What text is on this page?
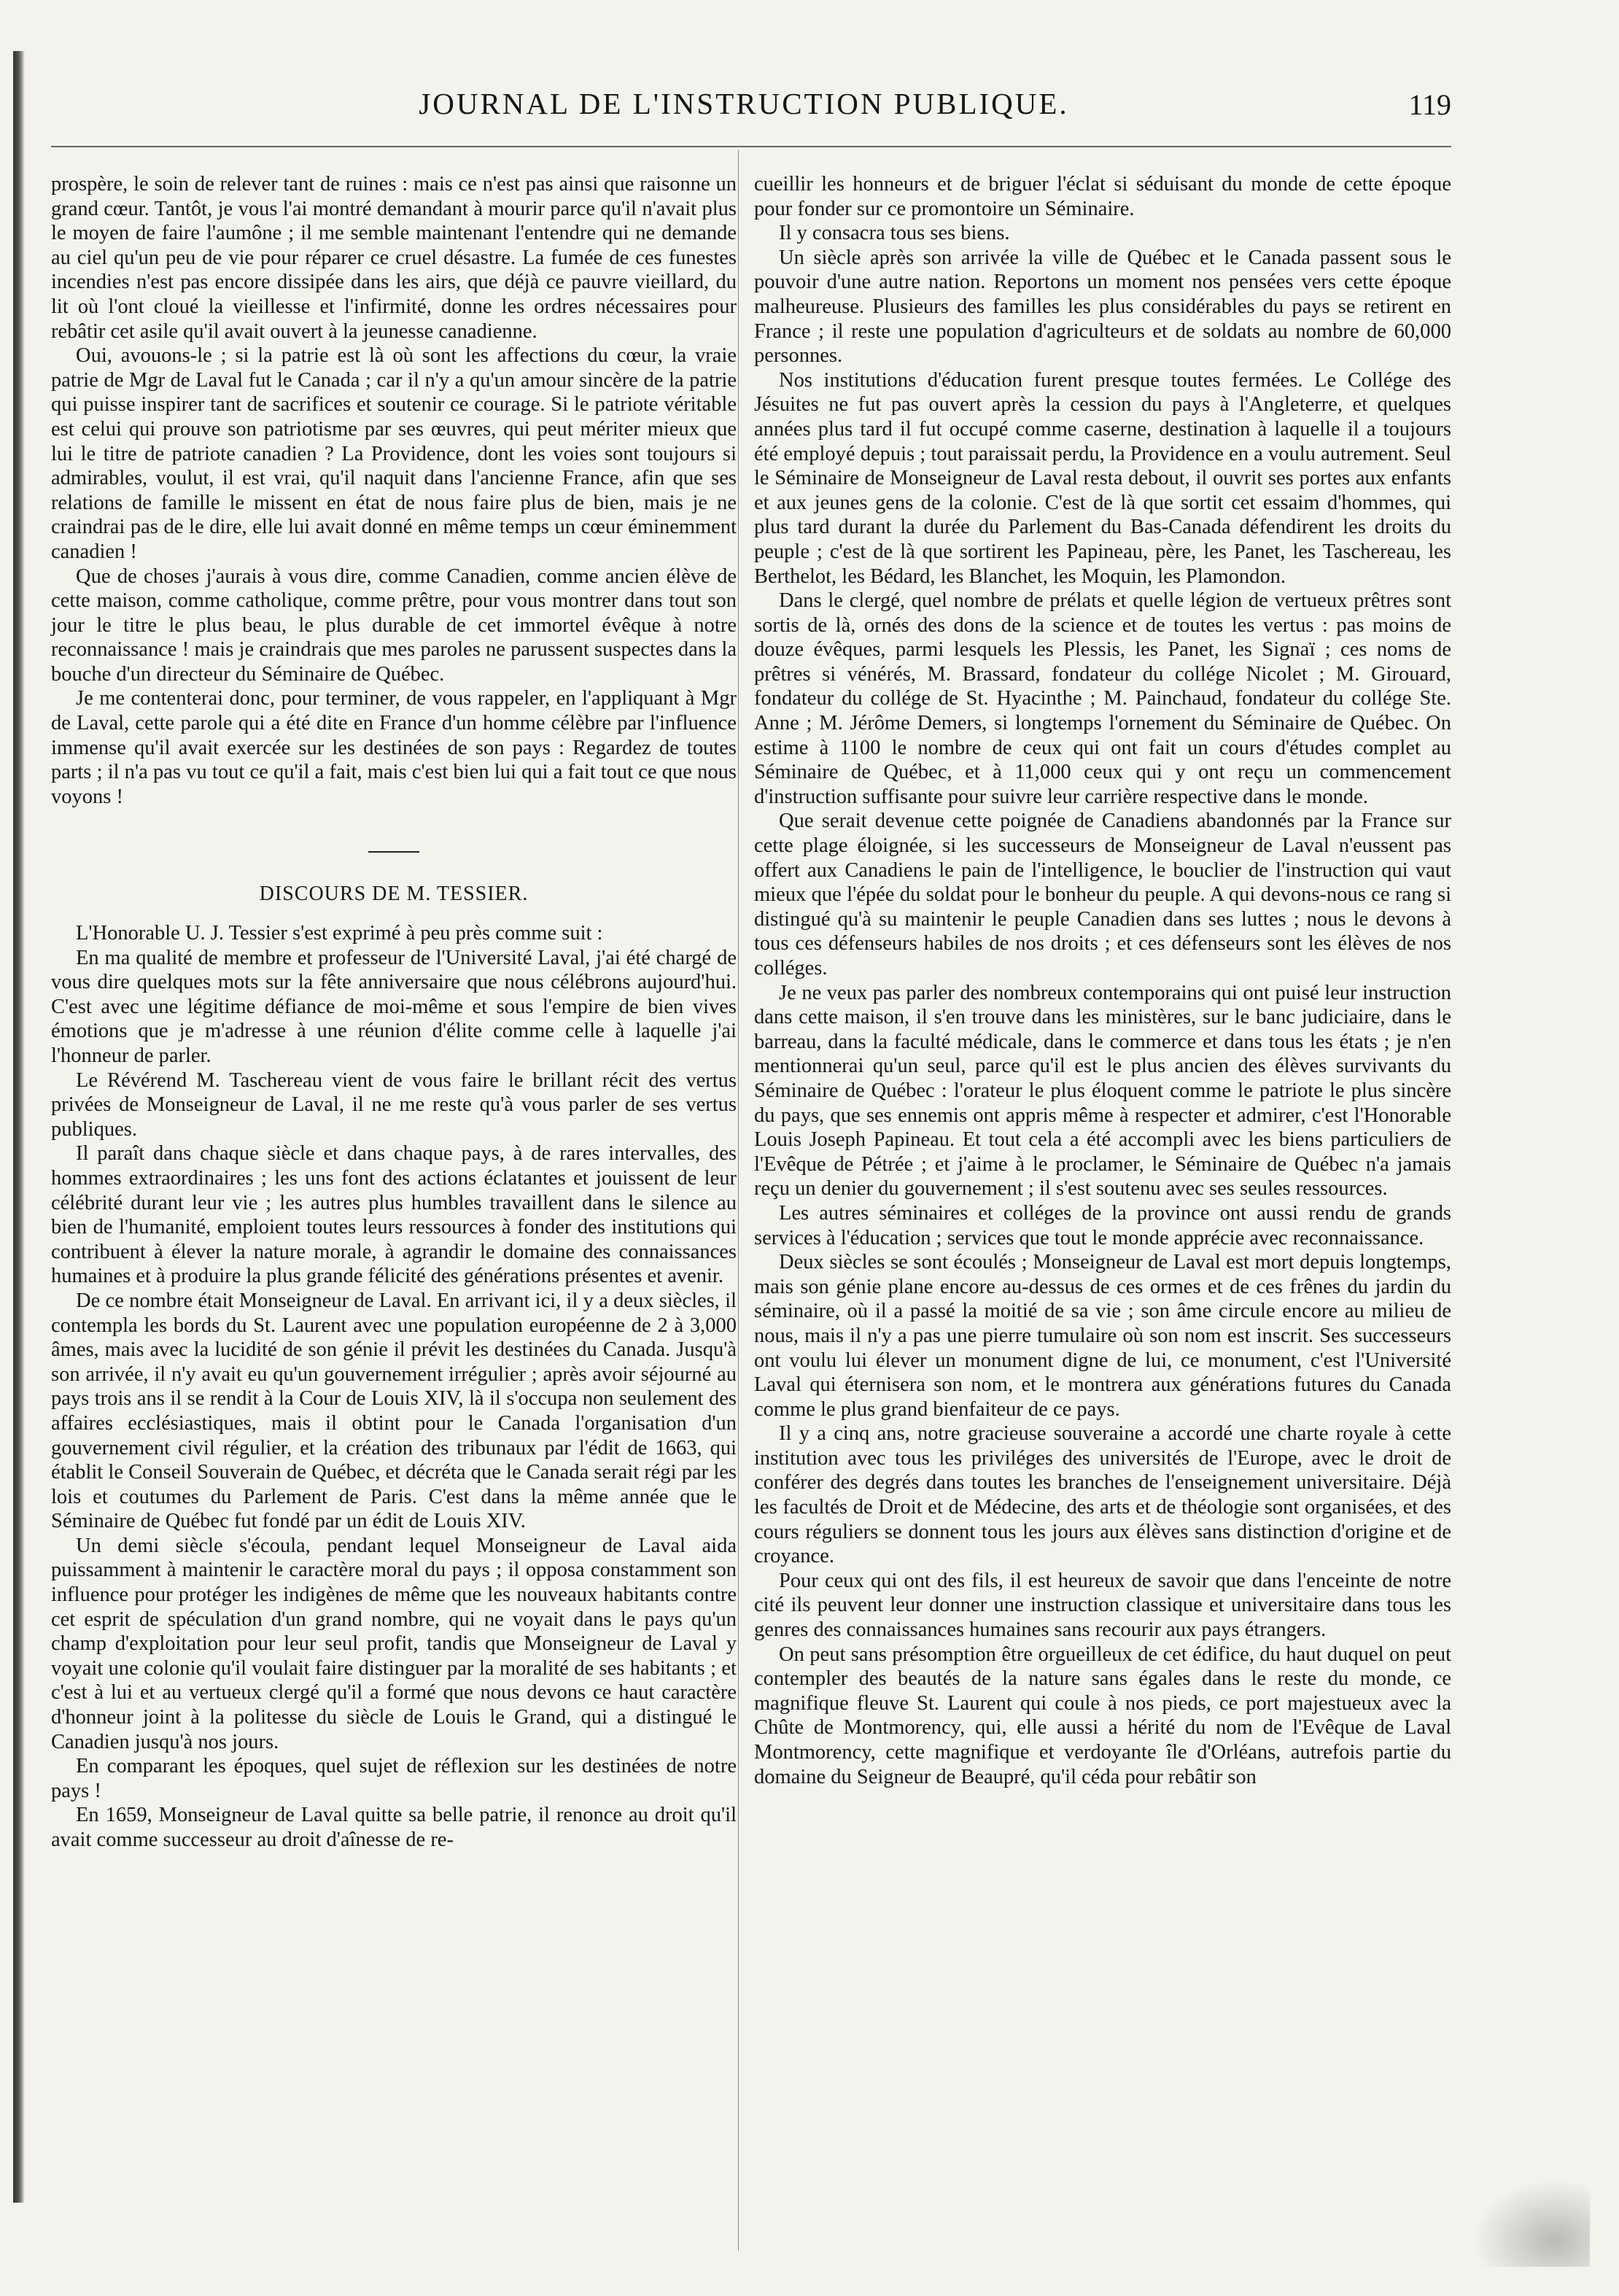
JOURNAL DE L'INSTRUCTION PUBLIQUE.	119

prospère, le soin de relever tant de ruines : mais ce n'est pas ainsi que raisonne un grand cœur. Tantôt, je vous l'ai montré demandant à mourir parce qu'il n'avait plus le moyen de faire l'aumône ; il me semble maintenant l'entendre qui ne demande au ciel qu'un peu de vie pour réparer ce cruel désastre. La fumée de ces funestes incendies n'est pas encore dissipée dans les airs, que déjà ce pauvre vieillard, du lit où l'ont cloué la vieillesse et l'infirmité, donne les ordres nécessaires pour rebâtir cet asile qu'il avait ouvert à la jeunesse canadienne.

Oui, avouons-le ; si la patrie est là où sont les affections du cœur, la vraie patrie de Mgr de Laval fut le Canada ; car il n'y a qu'un amour sincère de la patrie qui puisse inspirer tant de sacrifices et soutenir ce courage. Si le patriote véritable est celui qui prouve son patriotisme par ses œuvres, qui peut mériter mieux que lui le titre de patriote canadien ? La Providence, dont les voies sont toujours si admirables, voulut, il est vrai, qu'il naquit dans l'ancienne France, afin que ses relations de famille le missent en état de nous faire plus de bien, mais je ne craindrai pas de le dire, elle lui avait donné en même temps un cœur éminemment canadien !

Que de choses j'aurais à vous dire, comme Canadien, comme ancien élève de cette maison, comme catholique, comme prêtre, pour vous montrer dans tout son jour le titre le plus beau, le plus durable de cet immortel évêque à notre reconnaissance ! mais je craindrais que mes paroles ne parussent suspectes dans la bouche d'un directeur du Séminaire de Québec.

Je me contenterai donc, pour terminer, de vous rappeler, en l'appliquant à Mgr de Laval, cette parole qui a été dite en France d'un homme célèbre par l'influence immense qu'il avait exercée sur les destinées de son pays : Regardez de toutes parts ; il n'a pas vu tout ce qu'il a fait, mais c'est bien lui qui a fait tout ce que nous voyons !

DISCOURS DE M. TESSIER.

L'Honorable U. J. Tessier s'est exprimé à peu près comme suit :

En ma qualité de membre et professeur de l'Université Laval, j'ai été chargé de vous dire quelques mots sur la fête anniversaire que nous célébrons aujourd'hui. C'est avec une légitime défiance de moi-même et sous l'empire de bien vives émotions que je m'adresse à une réunion d'élite comme celle à laquelle j'ai l'honneur de parler.

Le Révérend M. Taschereau vient de vous faire le brillant récit des vertus privées de Monseigneur de Laval, il ne me reste qu'à vous parler de ses vertus publiques.

Il paraît dans chaque siècle et dans chaque pays, à de rares intervalles, des hommes extraordinaires ; les uns font des actions éclatantes et jouissent de leur célébrité durant leur vie ; les autres plus humbles travaillent dans le silence au bien de l'humanité, emploient toutes leurs ressources à fonder des institutions qui contribuent à élever la nature morale, à agrandir le domaine des connaissances humaines et à produire la plus grande félicité des générations présentes et avenir.

De ce nombre était Monseigneur de Laval. En arrivant ici, il y a deux siècles, il contempla les bords du St. Laurent avec une population européenne de 2 à 3,000 âmes, mais avec la lucidité de son génie il prévit les destinées du Canada. Jusqu'à son arrivée, il n'y avait eu qu'un gouvernement irrégulier ; après avoir séjourné au pays trois ans il se rendit à la Cour de Louis XIV, là il s'occupa non seulement des affaires ecclésiastiques, mais il obtint pour le Canada l'organisation d'un gouvernement civil régulier, et la création des tribunaux par l'édit de 1663, qui établit le Conseil Souverain de Québec, et décréta que le Canada serait régi par les lois et coutumes du Parlement de Paris. C'est dans la même année que le Séminaire de Québec fut fondé par un édit de Louis XIV.

Un demi siècle s'écoula, pendant lequel Monseigneur de Laval aida puissamment à maintenir le caractère moral du pays ; il opposa constamment son influence pour protéger les indigènes de même que les nouveaux habitants contre cet esprit de spéculation d'un grand nombre, qui ne voyait dans le pays qu'un champ d'exploitation pour leur seul profit, tandis que Monseigneur de Laval y voyait une colonie qu'il voulait faire distinguer par la moralité de ses habitants ; et c'est à lui et au vertueux clergé qu'il a formé que nous devons ce haut caractère d'honneur joint à la politesse du siècle de Louis le Grand, qui a distingué le Canadien jusqu'à nos jours.

En comparant les époques, quel sujet de réflexion sur les destinées de notre pays !

En 1659, Monseigneur de Laval quitte sa belle patrie, il renonce au droit qu'il avait comme successeur au droit d'aînesse de re-

cueillir les honneurs et de briguer l'éclat si séduisant du monde de cette époque pour fonder sur ce promontoire un Séminaire.

Il y consacra tous ses biens.

Un siècle après son arrivée la ville de Québec et le Canada passent sous le pouvoir d'une autre nation. Reportons un moment nos pensées vers cette époque malheureuse. Plusieurs des familles les plus considérables du pays se retirent en France ; il reste une population d'agriculteurs et de soldats au nombre de 60,000 personnes.

Nos institutions d'éducation furent presque toutes fermées. Le Collége des Jésuites ne fut pas ouvert après la cession du pays à l'Angleterre, et quelques années plus tard il fut occupé comme caserne, destination à laquelle il a toujours été employé depuis ; tout paraissait perdu, la Providence en a voulu autrement. Seul le Séminaire de Monseigneur de Laval resta debout, il ouvrit ses portes aux enfants et aux jeunes gens de la colonie. C'est de là que sortit cet essaim d'hommes, qui plus tard durant la durée du Parlement du Bas-Canada défendirent les droits du peuple ; c'est de là que sortirent les Papineau, père, les Panet, les Taschereau, les Berthelot, les Bédard, les Blanchet, les Moquin, les Plamondon.

Dans le clergé, quel nombre de prélats et quelle légion de vertueux prêtres sont sortis de là, ornés des dons de la science et de toutes les vertus : pas moins de douze évêques, parmi lesquels les Plessis, les Panet, les Signaï ; ces noms de prêtres si vénérés, M. Brassard, fondateur du collége Nicolet ; M. Girouard, fondateur du collége de St. Hyacinthe ; M. Painchaud, fondateur du collége Ste. Anne ; M. Jérôme Demers, si longtemps l'ornement du Séminaire de Québec. On estime à 1100 le nombre de ceux qui ont fait un cours d'études complet au Séminaire de Québec, et à 11,000 ceux qui y ont reçu un commencement d'instruction suffisante pour suivre leur carrière respective dans le monde.

Que serait devenue cette poignée de Canadiens abandonnés par la France sur cette plage éloignée, si les successeurs de Monseigneur de Laval n'eussent pas offert aux Canadiens le pain de l'intelligence, le bouclier de l'instruction qui vaut mieux que l'épée du soldat pour le bonheur du peuple. A qui devons-nous ce rang si distingué qu'à su maintenir le peuple Canadien dans ses luttes ; nous le devons à tous ces défenseurs habiles de nos droits ; et ces défenseurs sont les élèves de nos colléges.

Je ne veux pas parler des nombreux contemporains qui ont puisé leur instruction dans cette maison, il s'en trouve dans les ministères, sur le banc judiciaire, dans le barreau, dans la faculté médicale, dans le commerce et dans tous les états ; je n'en mentionnerai qu'un seul, parce qu'il est le plus ancien des élèves survivants du Séminaire de Québec : l'orateur le plus éloquent comme le patriote le plus sincère du pays, que ses ennemis ont appris même à respecter et admirer, c'est l'Honorable Louis Joseph Papineau. Et tout cela a été accompli avec les biens particuliers de l'Evêque de Pétrée ; et j'aime à le proclamer, le Séminaire de Québec n'a jamais reçu un denier du gouvernement ; il s'est soutenu avec ses seules ressources.

Les autres séminaires et colléges de la province ont aussi rendu de grands services à l'éducation ; services que tout le monde apprécie avec reconnaissance.

Deux siècles se sont écoulés ; Monseigneur de Laval est mort depuis longtemps, mais son génie plane encore au-dessus de ces ormes et de ces frênes du jardin du séminaire, où il a passé la moitié de sa vie ; son âme circule encore au milieu de nous, mais il n'y a pas une pierre tumulaire où son nom est inscrit. Ses successeurs ont voulu lui élever un monument digne de lui, ce monument, c'est l'Université Laval qui éternisera son nom, et le montrera aux générations futures du Canada comme le plus grand bienfaiteur de ce pays.

Il y a cinq ans, notre gracieuse souveraine a accordé une charte royale à cette institution avec tous les priviléges des universités de l'Europe, avec le droit de conférer des degrés dans toutes les branches de l'enseignement universitaire. Déjà les facultés de Droit et de Médecine, des arts et de théologie sont organisées, et des cours réguliers se donnent tous les jours aux élèves sans distinction d'origine et de croyance.

Pour ceux qui ont des fils, il est heureux de savoir que dans l'enceinte de notre cité ils peuvent leur donner une instruction classique et universitaire dans tous les genres des connaissances humaines sans recourir aux pays étrangers.

On peut sans présomption être orgueilleux de cet édifice, du haut duquel on peut contempler des beautés de la nature sans égales dans le reste du monde, ce magnifique fleuve St. Laurent qui coule à nos pieds, ce port majestueux avec la Chûte de Montmorency, qui, elle aussi a hérité du nom de l'Evêque de Laval Montmorency, cette magnifique et verdoyante île d'Orléans, autrefois partie du domaine du Seigneur de Beaupré, qu'il céda pour rebâtir son
